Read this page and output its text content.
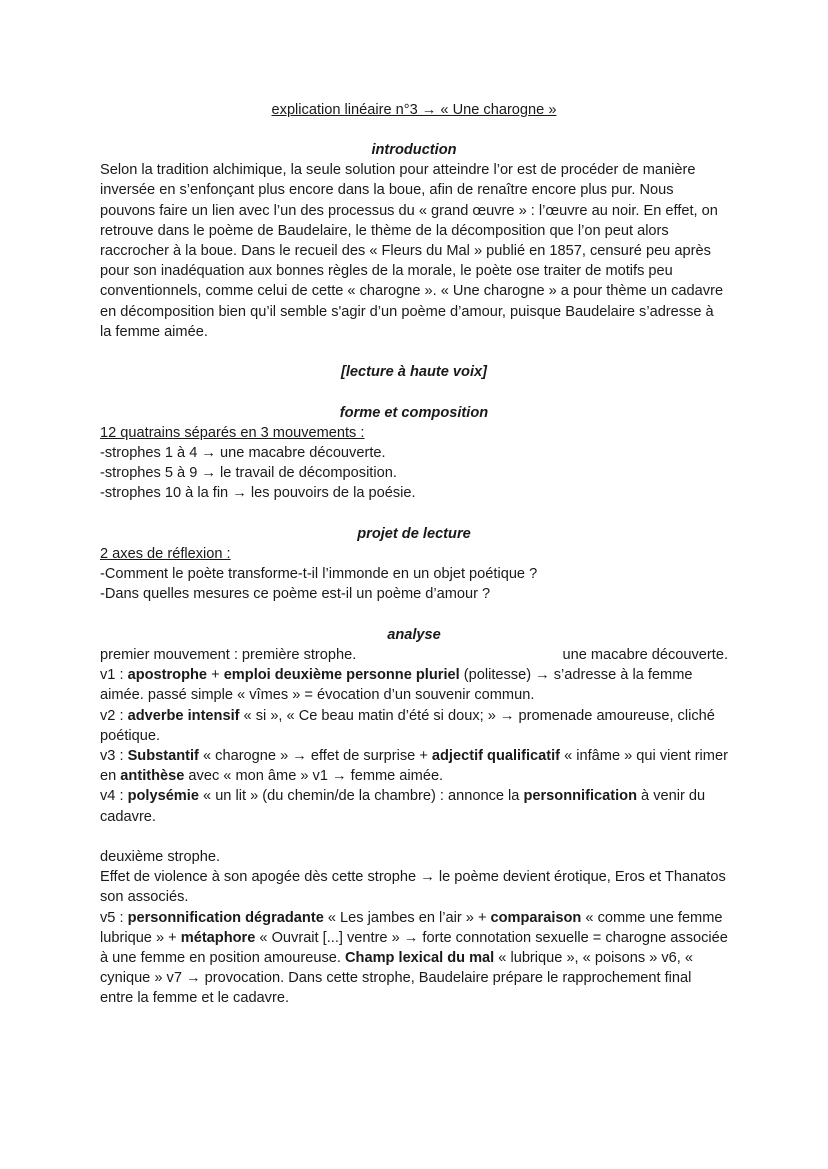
explication linéaire n°3 → « Une charogne »

introduction

Selon la tradition alchimique, la seule solution pour atteindre l’or est de procéder de manière inversée en s’enfonçant plus encore dans la boue, afin de renaître encore plus pur. Nous pouvons faire un lien avec l’un des processus du « grand œuvre » : l’œuvre au noir. En effet, on retrouve dans le poème de Baudelaire, le thème de la décomposition que l’on peut alors raccrocher à la boue. Dans le recueil des « Fleurs du Mal » publié en 1857, censuré peu après pour son inadéquation aux bonnes règles de la morale, le poète ose traiter de motifs peu conventionnels, comme celui de cette « charogne ». « Une charogne » a pour thème un cadavre en décomposition bien qu’il semble s'agir d’un poème d’amour, puisque Baudelaire s’adresse à la femme aimée.

[lecture à haute voix]

forme et composition

12 quatrains séparés en 3 mouvements :

-strophes 1 à 4 → une macabre découverte.

-strophes 5 à 9 → le travail de décomposition.

-strophes 10 à la fin → les pouvoirs de la poésie.

projet de lecture

2 axes de réflexion :

-Comment le poète transforme-t-il l’immonde en un objet poétique ?

-Dans quelles mesures ce poème est-il un poème d’amour ?

analyse

premier mouvement : première strophe.	une macabre découverte.

v1 : apostrophe + emploi deuxième personne pluriel (politesse) → s’adresse à la femme aimée. passé simple « vîmes » = évocation d’un souvenir commun.

v2 : adverbe intensif « si », « Ce beau matin d’été si doux; » → promenade amoureuse, cliché poétique.

v3 : Substantif « charogne » → effet de surprise + adjectif qualificatif « infâme » qui vient rimer en antithèse avec « mon âme » v1 → femme aimée.

v4 : polysémie « un lit » (du chemin/de la chambre) : annonce la personnification à venir du cadavre.

deuxième strophe.

Effet de violence à son apogée dès cette strophe → le poème devient érotique, Eros et Thanatos son associés.

v5 : personnification dégradante « Les jambes en l’air » + comparaison « comme une femme lubrique » + métaphore « Ouvrait [...] ventre » → forte connotation sexuelle = charogne associée à une femme en position amoureuse. Champ lexical du mal « lubrique », « poisons » v6, « cynique » v7 → provocation. Dans cette strophe, Baudelaire prépare le rapprochement final entre la femme et le cadavre.
